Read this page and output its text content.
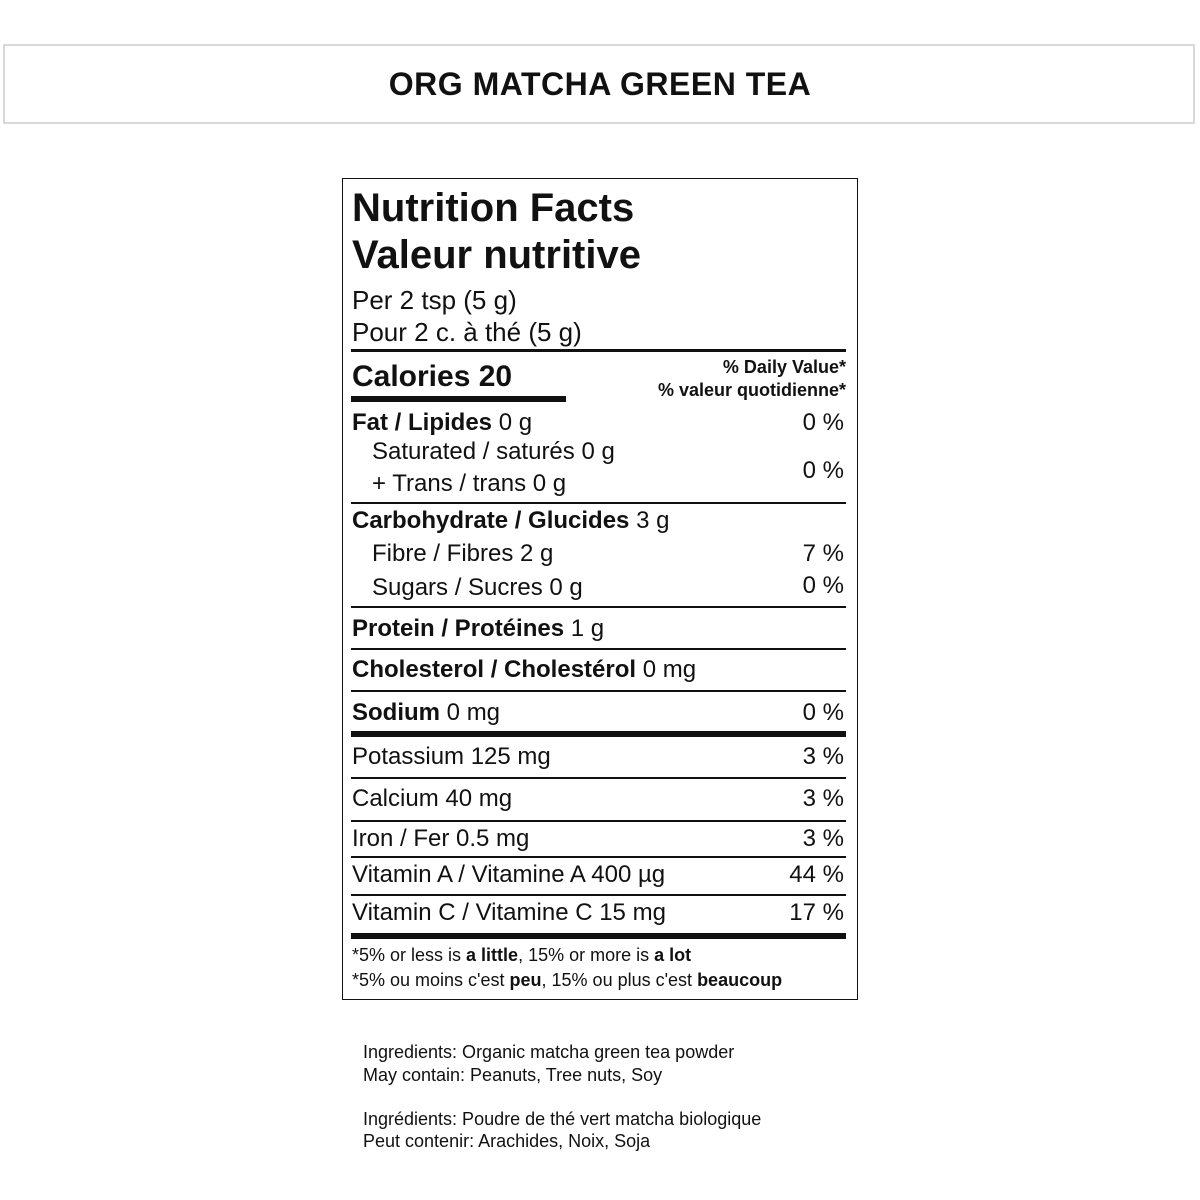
ORG MATCHA GREEN TEA
Nutrition Facts
Valeur nutritive
Per 2 tsp (5 g)
Pour 2 c. à thé (5 g)
Calories 20	% Daily Value*
% valeur quotidienne*
Fat / Lipides 0 g	0 %
Saturated / saturés 0 g
+ Trans / trans 0 g	0 %
Carbohydrate / Glucides 3 g
Fibre / Fibres 2 g	7 %
Sugars / Sucres 0 g	0 %
Protein / Protéines 1 g
Cholesterol / Cholestérol 0 mg
Sodium 0 mg	0 %
Potassium 125 mg	3 %
Calcium 40 mg	3 %
Iron / Fer 0.5 mg	3 %
Vitamin A / Vitamine A 400 µg	44 %
Vitamin C / Vitamine C 15 mg	17 %
*5% or less is a little, 15% or more is a lot
*5% ou moins c'est peu, 15% ou plus c'est beaucoup
Ingredients: Organic matcha green tea powder
May contain: Peanuts, Tree nuts, Soy
Ingrédients: Poudre de thé vert matcha biologique
Peut contenir: Arachides, Noix, Soja
